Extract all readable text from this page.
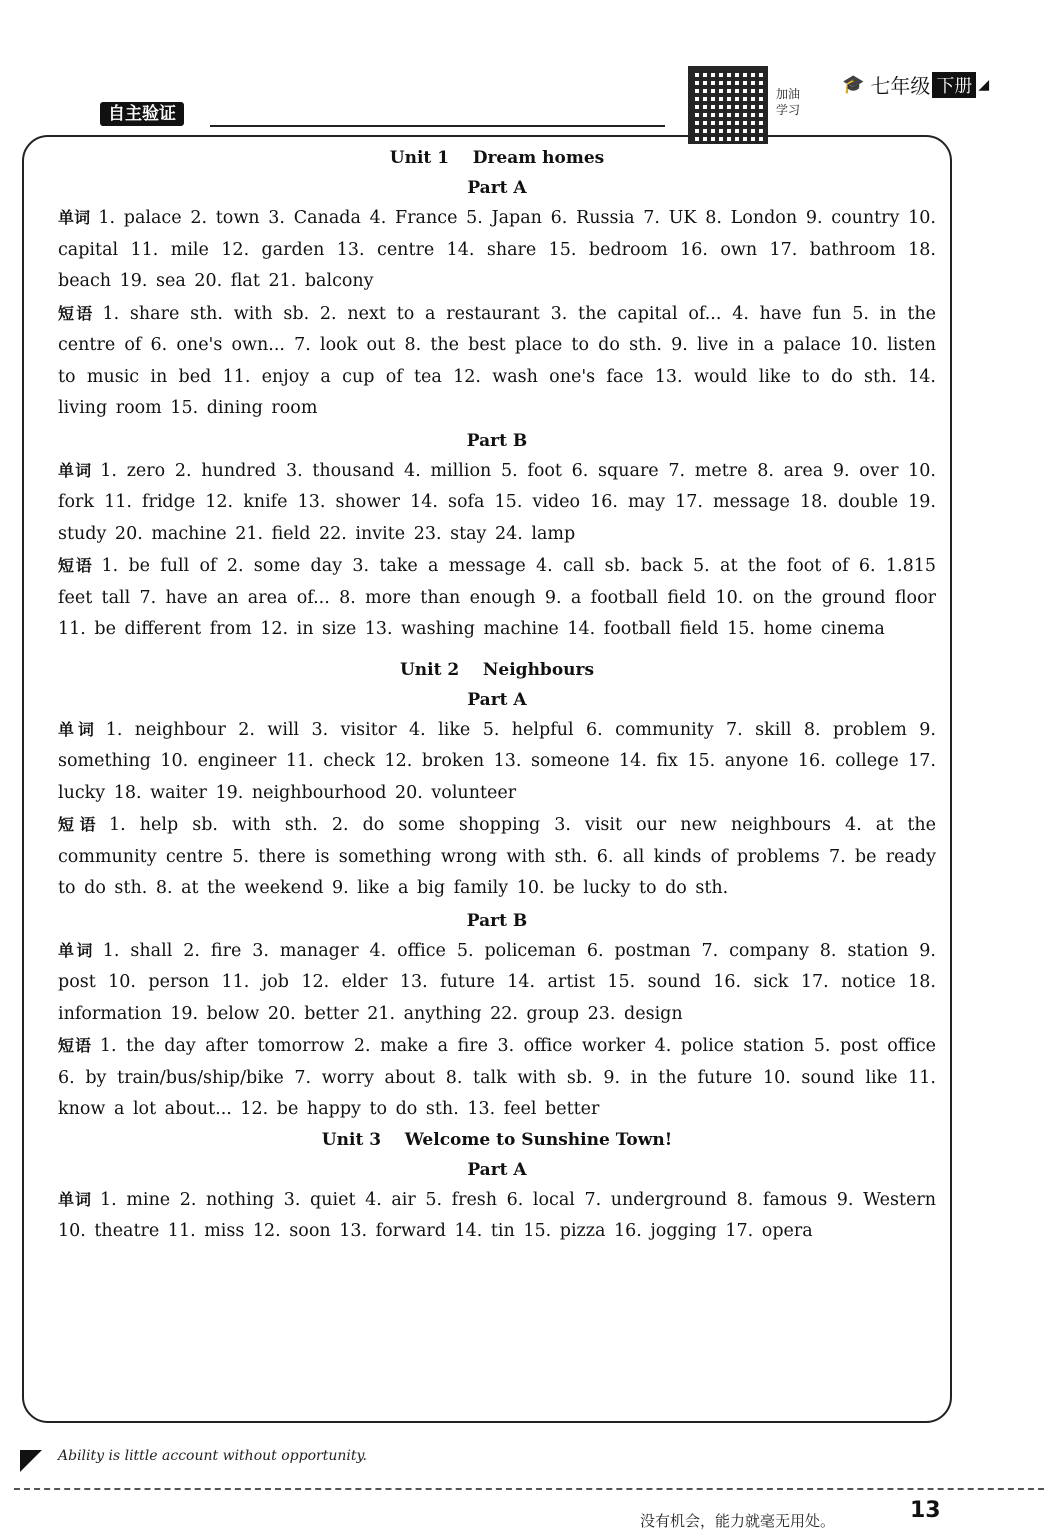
自主验证
加油
学习
🎓 七年级 下册 ◢
Unit 1    Dream homes
Part A
单词 1. palace 2. town 3. Canada 4. France 5. Japan 6. Russia 7. UK 8. London 9. country 10. capital 11. mile 12. garden 13. centre 14. share 15. bedroom 16. own 17. bathroom 18. beach 19. sea 20. flat 21. balcony
短语 1. share sth. with sb. 2. next to a restaurant 3. the capital of... 4. have fun 5. in the centre of 6. one's own... 7. look out 8. the best place to do sth. 9. live in a palace 10. listen to music in bed 11. enjoy a cup of tea 12. wash one's face 13. would like to do sth. 14. living room 15. dining room
Part B
单词 1. zero 2. hundred 3. thousand 4. million 5. foot 6. square 7. metre 8. area 9. over 10. fork 11. fridge 12. knife 13. shower 14. sofa 15. video 16. may 17. message 18. double 19. study 20. machine 21. field 22. invite 23. stay 24. lamp
短语 1. be full of 2. some day 3. take a message 4. call sb. back 5. at the foot of 6. 1.815 feet tall 7. have an area of... 8. more than enough 9. a football field 10. on the ground floor 11. be different from 12. in size 13. washing machine 14. football field 15. home cinema
Unit 2    Neighbours
Part A
单词 1. neighbour 2. will 3. visitor 4. like 5. helpful 6. community 7. skill 8. problem 9. something 10. engineer 11. check 12. broken 13. someone 14. fix 15. anyone 16. college 17. lucky 18. waiter 19. neighbourhood 20. volunteer
短语 1. help sb. with sth. 2. do some shopping 3. visit our new neighbours 4. at the community centre 5. there is something wrong with sth. 6. all kinds of problems 7. be ready to do sth. 8. at the weekend 9. like a big family 10. be lucky to do sth.
Part B
单词 1. shall 2. fire 3. manager 4. office 5. policeman 6. postman 7. company 8. station 9. post 10. person 11. job 12. elder 13. future 14. artist 15. sound 16. sick 17. notice 18. information 19. below 20. better 21. anything 22. group 23. design
短语 1. the day after tomorrow 2. make a fire 3. office worker 4. police station 5. post office 6. by train/bus/ship/bike 7. worry about 8. talk with sb. 9. in the future 10. sound like 11. know a lot about... 12. be happy to do sth. 13. feel better
Unit 3    Welcome to Sunshine Town!
Part A
单词 1. mine 2. nothing 3. quiet 4. air 5. fresh 6. local 7. underground 8. famous 9. Western 10. theatre 11. miss 12. soon 13. forward 14. tin 15. pizza 16. jogging 17. opera
Ability is little account without opportunity.
没有机会，能力就毫无用处。	13
